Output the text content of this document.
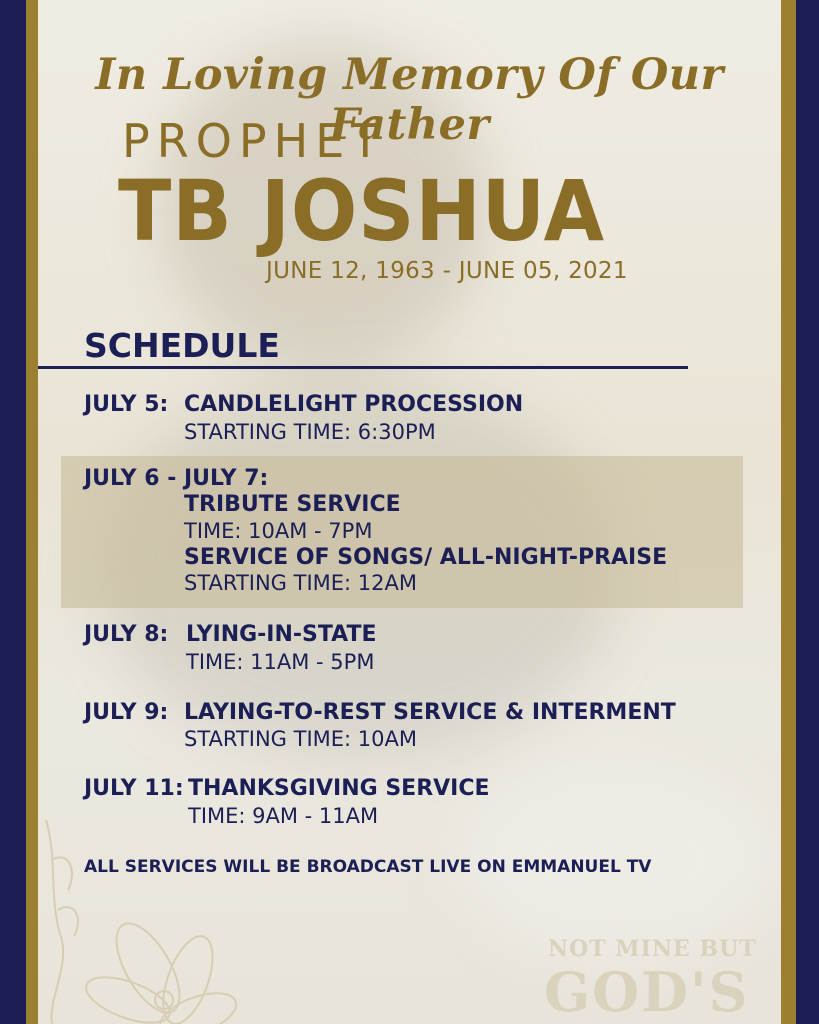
In Loving Memory Of Our Father
PROPHET
TB JOSHUA
JUNE 12, 1963 - JUNE 05, 2021
SCHEDULE
JULY 5: CANDLELIGHT PROCESSION
STARTING TIME: 6:30PM
JULY 6 - JULY 7:
TRIBUTE SERVICE
TIME: 10AM - 7PM
SERVICE OF SONGS/ ALL-NIGHT-PRAISE
STARTING TIME: 12AM
JULY 8: LYING-IN-STATE
TIME: 11AM - 5PM
JULY 9: LAYING-TO-REST SERVICE & INTERMENT
STARTING TIME: 10AM
JULY 11: THANKSGIVING SERVICE
TIME: 9AM - 11AM
ALL SERVICES WILL BE BROADCAST LIVE ON EMMANUEL TV
NOT MINE BUT
GOD'S
